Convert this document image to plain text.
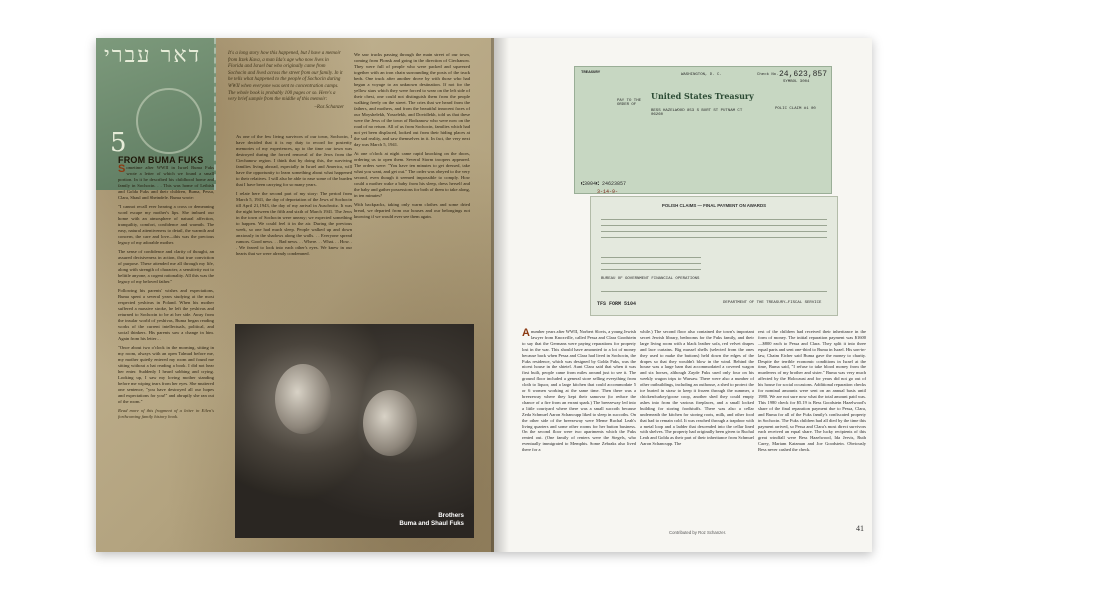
דאר עברי
5
It's a long story how this happened, but I have a memoir from Itzek Kava, a man Ida's age who now lives in Florida and Israel but who originally came from Sochocin and lived across the street from our family. In it he tells what happened to the people of Sochocin during WWII when everyone was sent to concentration camps. The whole book is probably 100 pages or so. Here's a very brief sample from the middle of this memoir:
–Roz Schanzer
FROM BUMA FUKS

Sometime after WWII in Israel Buma Fuks wrote a letter of which we found a small portion. In it he described his childhood home and family in Sochocin. . . This was home of Leibish and Golda Fuks and their children, Buma, Pessa, Clara, Shaul and Sheindele. Buma wrote:

"I cannot recall ever hearing a cross or demeaning word escape my mother's lips. She imbued our home with an atmosphere of natural affection, tranquility, comfort, confidence and warmth. The easy, natural attentiveness to detail, the warmth and concern, the care and love—this was the precious legacy of my adorable mother.

The sense of confidence and clarity of thought, an assured decisiveness in action, that true conviction of purpose. These attended me all through my life, along with strength of character, a sensitivity not to belittle anyone, a cogent rationality. All this was the legacy of my beloved father."

Following his parents' wishes and expectations, Buma spent a several years studying at the most respected yeshivas in Poland. When his mother suffered a massive stroke, he left the yeshivas and returned to Sochocin to be at her side. Away from the insular world of yeshivas, Buma began reading works of the current intellectuals, political, and social thinkers. His parents saw a change in him. Again from his letter…

"Once about two o'clock in the morning, sitting in my room, always with an open Talmud before me, my mother quietly entered my room and found me sitting without a hat reading a book. I did not hear her enter. Suddenly I heard sobbing and crying. Looking up, I saw my loving mother standing before me wiping tears from her eyes. She muttered one sentence, "you have destroyed all our hopes and expectations for you!" and abruptly she ran out of the room."

Read more of this fragment of a letter in Eilen's forthcoming family history book.

As one of the few living survivors of our town, Sochocin, I have decided that it is my duty to record for posterity memories of my experiences, up to the time our town was destroyed during the forced removal of the Jews from the Ciechanow region. I think that by doing this, the surviving families living abroad, especially in Israel and America, will have the opportunity to learn something about what happened to their relatives. I will also be able to ease some of the burden that I have been carrying for so many years.

I relate here the second part of my story: The period from March 5, 1941, the day of deportation of the Jews of Sochocin till April 21,1943, the day of my arrival in Auschwitz. It was the night between the fifth and sixth of March 1941. The Jews in the town of Sochocin were uneasy; we expected something to happen. We could feel it in the air. During the previous week, so one had much sleep. People walked up and down anxiously in the shadows along the walls. . . Everyone spread rumors. Good news. . . Bad news. . . Where. . . What. . . How. . . We feared to look into each other's eyes. We knew in our hearts that we were already condemned.

We saw trucks passing through the main street of our town, coming from Plonsk and going in the direction of Ciechanow. They were full of people who were packed and squeezed together with an iron chain surrounding the posts of the truck beds. One truck after another drove by with those who had begun a voyage to an unknown destination. If not for the yellow stars which they were forced to wear on the left side of their chest, one could not distinguish them from the people walking freely on the street. The cries that we heard from the fathers, and mothers, and from the beautiful innocent faces of our Moyshelekh, Yosselekh, and Dovidlekh, told us that these were the Jews of the town of Bodzanow who were now on the road of no return. All of us from Sochocin, families which had not yet been displaced, looked out from their hiding places at the sad reality, and saw themselves in it. In fact, the very next day was March 5, 1941.

At one o'clock at night came rapid knocking on the doors, ordering us to open them. Several Storm troopers appeared. The orders were: "You have ten minutes to get dressed, take what you want, and get out." The order was obeyed to the very second, even though it seemed impossible to comply. How could a mother wake a baby from his sleep, dress herself and the baby and gather possessions for both of them to take along, in ten minutes?

With backpacks, taking only warm clothes and some dried bread, we departed from our houses and our belongings not knowing if we would ever see them again.

Brothers
Buma and Shaul Fuks
TREASURY	WASHINGTON, D. C.	Check No. 24,623,857
SYMBOL 3004
PAY TO THE ORDER OF
United States Treasury
BESS HAZELWOOD 853 S BURT ST PUTNAM CT 06260
POLIC CLAIM #1 00
⑆3004⑆ 24623857
3-14-9-
POLISH CLAIMS — FINAL PAYMENT ON AWARDS
BUREAU OF GOVERNMENT FINANCIAL OPERATIONS
TFS FORM 5104	DEPARTMENT OF THE TREASURY—FISCAL SERVICE

A number years after WWII, Norbert Slovis, a young Jewish lawyer from Knoxville, called Pessa and Clara Goodstein to say that the Germans were paying reparations for property lost in the war. This should have amounted to a lot of money because back when Pessa and Clara had lived in Sochocin, the Fuks residence, which was designed by Golda Fuks, was the nicest house in the shtetel. Aunt Clara said that when it was first built, people came from miles around just to see it. The ground floor included a general store selling everything from cloth to liquor, and a large kitchen that could accommodate 5 or 6 women working at the same time. Then there was a breezeway where they kept their samovar (to reduce the chance of a fire from an errant spark.) The breezeway led into a little courtyard where there was a small succoth because Zeda Schmuel Aaron Schancupp liked to sleep in succoths. On the other side of the breezeway were Meme Ruchal Leah's living quarters and some other rooms for her button business. On the second floor were two apartments which the Fuks rented out. (One family of renters were the Siegels, who eventually immigrated to Memphis. Some Zebraks also lived there for a

while.) The second floor also contained the town's important secret Jewish library, bedrooms for the Fuks family, and their large living room with a black leather sofa, red velvet drapes and lace curtains. Big mussel shells (selected from the ones they used to make the buttons) held down the edges of the drapes so that they wouldn't blow in the wind. Behind the house was a large barn that accommodated a covered wagon and six horses, although Zayde Fuks used only four on his weekly wagon trips to Warsaw. There were also a number of other outbuildings, including an outhouse, a shed to protect the ice buried in straw to keep it frozen through the summer, a chicken/turkey/goose coop, another shed they could empty ashes into from the various fireplaces, and a small locked building for storing foodstuffs. There was also a cellar underneath the kitchen for storing roots, milk, and other food that had to remain cold. It was reached through a trapdoor with a metal loop and a ladder that descended into the cellar lined with shelves. The property had originally been given to Ruchal Leah and Golda as their part of their inheritance from Schmuel Aaron Schancupp. The

rest of the children had received their inheritance in the form of money. The initial reparation payment was $1600—$800 each to Pessa and Clara. They split it into three equal parts and sent one-third to Buma in Israel. His son-in-law, Chaim Eicher said Buma gave the money to charity. Despite the terrible economic conditions in Israel at the time, Buma said, "I refuse to take blood money from the murderers of my brother and sister." Buma was very much affected by the Holocaust and for years did not go out of his house for social occasions. Additional reparation checks for nominal amounts were sent on an annual basis until 1980. We are not sure now what the total amount paid was. This 1980 check for $5.19 is Bess Goodstein Hazelwood's share of the final reparation payment due to Pessa, Clara, and Buma for all of the Fuks family's confiscated property in Sochocin. The Fuks children had all died by the time this payment arrived, so Pessa and Clara's most direct survivors each received an equal share. The lucky recipients of this great windfall were Bess Hazelwood, Ida Jervis, Ruth Carey, Mariam Katzman and Joe Goodstein. Obviously Bess never cashed the check.

Contributed by Roz Schanzer.	41
